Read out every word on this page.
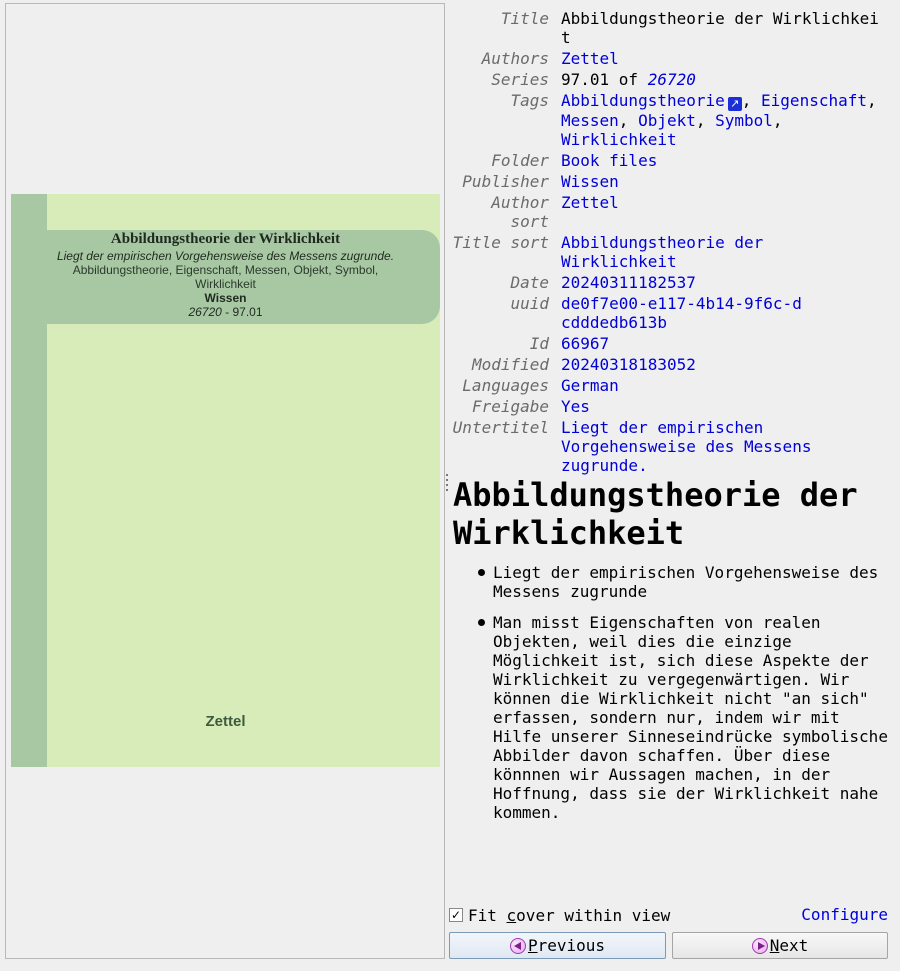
Abbildungstheorie der Wirklichkeit
Liegt der empirischen Vorgehensweise des Messens zugrunde.
Abbildungstheorie, Eigenschaft, Messen, Objekt, Symbol, Wirklichkeit
Wissen
26720 - 97.01
Zettel
Title Abbildungstheorie der Wirklichkeit
Authors Zettel
Series 97.01 of 26720
Tags Abbildungstheorie ↗ , Eigenschaft, Messen, Objekt, Symbol, Wirklichkeit
Folder Book files
Publisher Wissen
Author sort
Zettel
Title sort Abbildungstheorie der Wirklichkeit
Date 20240311182537
uuid de0f7e00-e117-4b14-9f6c-dcdddedb613b
Id 66967
Modified 20240318183052
Languages German
Freigabe Yes
Untertitel Liegt der empirischen Vorgehensweise des Messens zugrunde.
Abbildungstheorie der Wirklichkeit
Liegt der empirischen Vorgehensweise des Messens zugrunde
Man misst Eigenschaften von realen Objekten, weil dies die einzige Möglichkeit ist, sich diese Aspekte der Wirklichkeit zu vergegenwärtigen. Wir können die Wirklichkeit nicht "an sich" erfassen, sondern nur, indem wir mit Hilfe unserer Sinneseindrücke symbolische Abbilder davon schaffen. Über diese könnnen wir Aussagen machen, in der Hoffnung, dass sie der Wirklichkeit nahe kommen.
✓ Fit cover within view	Configure
Previous	Next
